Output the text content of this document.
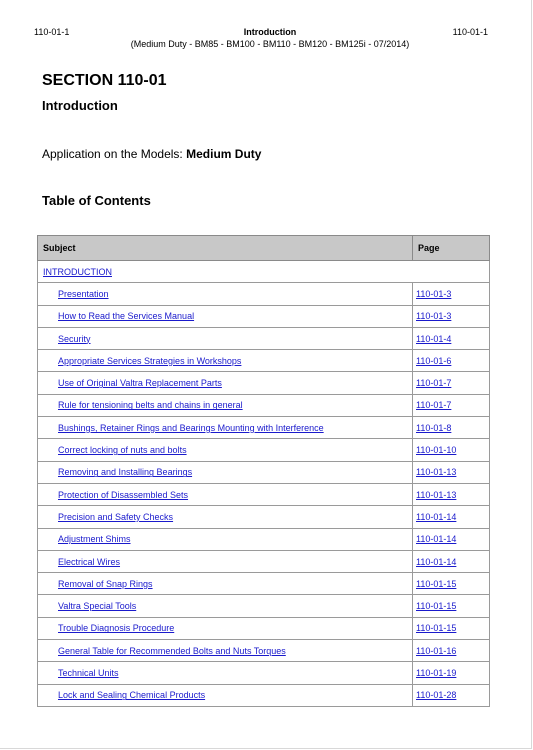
110-01-1	Introduction
(Medium Duty - BM85 - BM100 - BM110 - BM120 - BM125i - 07/2014)
110-01-1
SECTION 110-01
Introduction
Application on the Models: Medium Duty
Table of Contents
Subject	Page
INTRODUCTION	
Presentation	110-01-3
How to Read the Services Manual	110-01-3
Security	110-01-4
Appropriate Services Strategies in Workshops	110-01-6
Use of Original Valtra Replacement Parts	110-01-7
Rule for tensioning belts and chains in general	110-01-7
Bushings, Retainer Rings and Bearings Mounting with Interference	110-01-8
Correct locking of nuts and bolts	110-01-10
Removing and Installing Bearings	110-01-13
Protection of Disassembled Sets	110-01-13
Precision and Safety Checks	110-01-14
Adjustment Shims	110-01-14
Electrical Wires	110-01-14
Removal of Snap Rings	110-01-15
Valtra Special Tools	110-01-15
Trouble Diagnosis Procedure	110-01-15
General Table for Recommended Bolts and Nuts Torques	110-01-16
Technical Units	110-01-19
Lock and Sealing Chemical Products	110-01-28
